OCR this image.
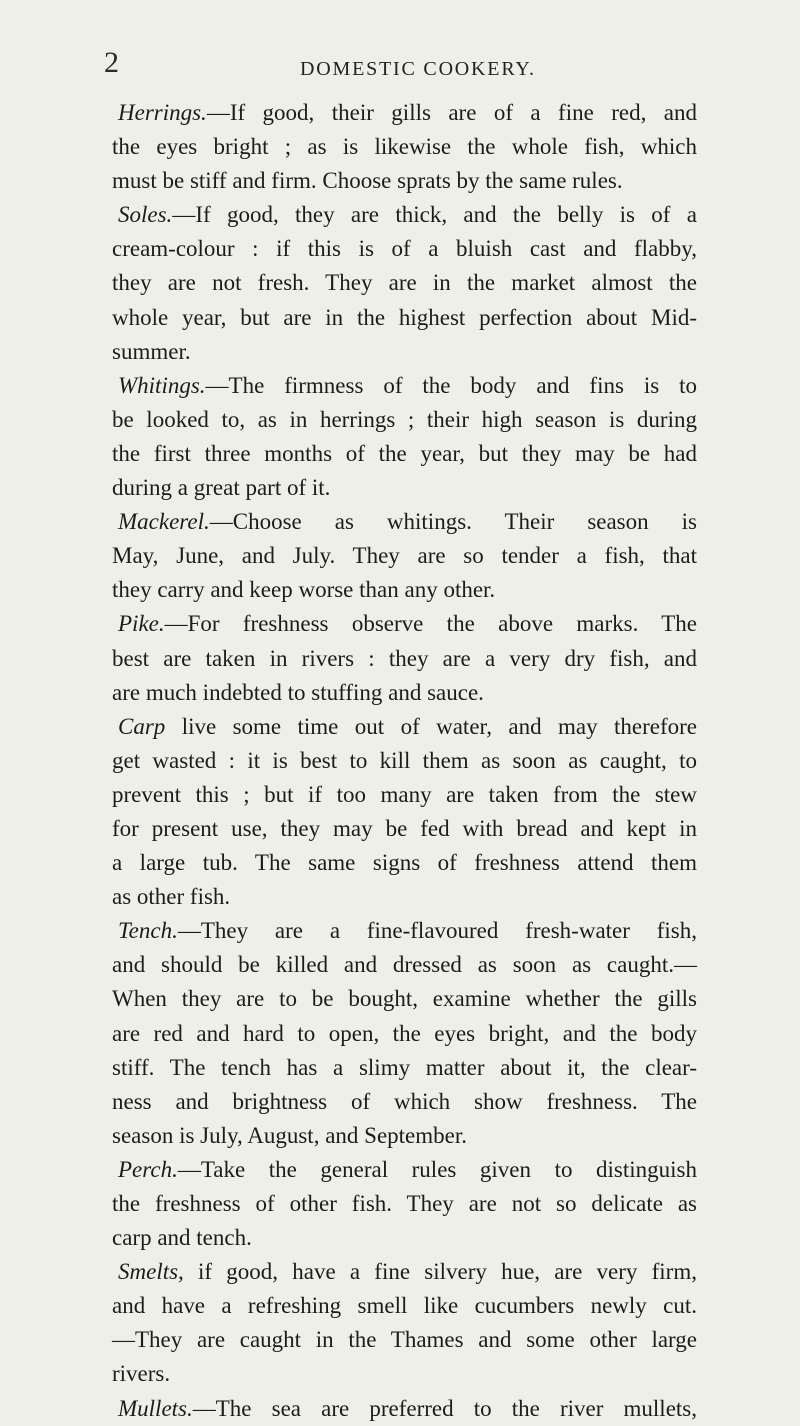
2	DOMESTIC COOKERY.
Herrings.—If good, their gills are of a fine red, and
the eyes bright ; as is likewise the whole fish, which
must be stiff and firm. Choose sprats by the same rules.
Soles.—If good, they are thick, and the belly is of a
cream-colour : if this is of a bluish cast and flabby,
they are not fresh. They are in the market almost the
whole year, but are in the highest perfection about Mid-
summer.
Whitings.—The firmness of the body and fins is to
be looked to, as in herrings ; their high season is during
the first three months of the year, but they may be had
during a great part of it.
Mackerel.—Choose as whitings. Their season is
May, June, and July. They are so tender a fish, that
they carry and keep worse than any other.
Pike.—For freshness observe the above marks. The
best are taken in rivers : they are a very dry fish, and
are much indebted to stuffing and sauce.
Carp live some time out of water, and may therefore
get wasted : it is best to kill them as soon as caught, to
prevent this ; but if too many are taken from the stew
for present use, they may be fed with bread and kept in
a large tub. The same signs of freshness attend them
as other fish.
Tench.—They are a fine-flavoured fresh-water fish,
and should be killed and dressed as soon as caught.—
When they are to be bought, examine whether the gills
are red and hard to open, the eyes bright, and the body
stiff. The tench has a slimy matter about it, the clear-
ness and brightness of which show freshness. The
season is July, August, and September.
Perch.—Take the general rules given to distinguish
the freshness of other fish. They are not so delicate as
carp and tench.
Smelts, if good, have a fine silvery hue, are very firm,
and have a refreshing smell like cucumbers newly cut.
—They are caught in the Thames and some other large
rivers.
Mullets.—The sea are preferred to the river mullets,
